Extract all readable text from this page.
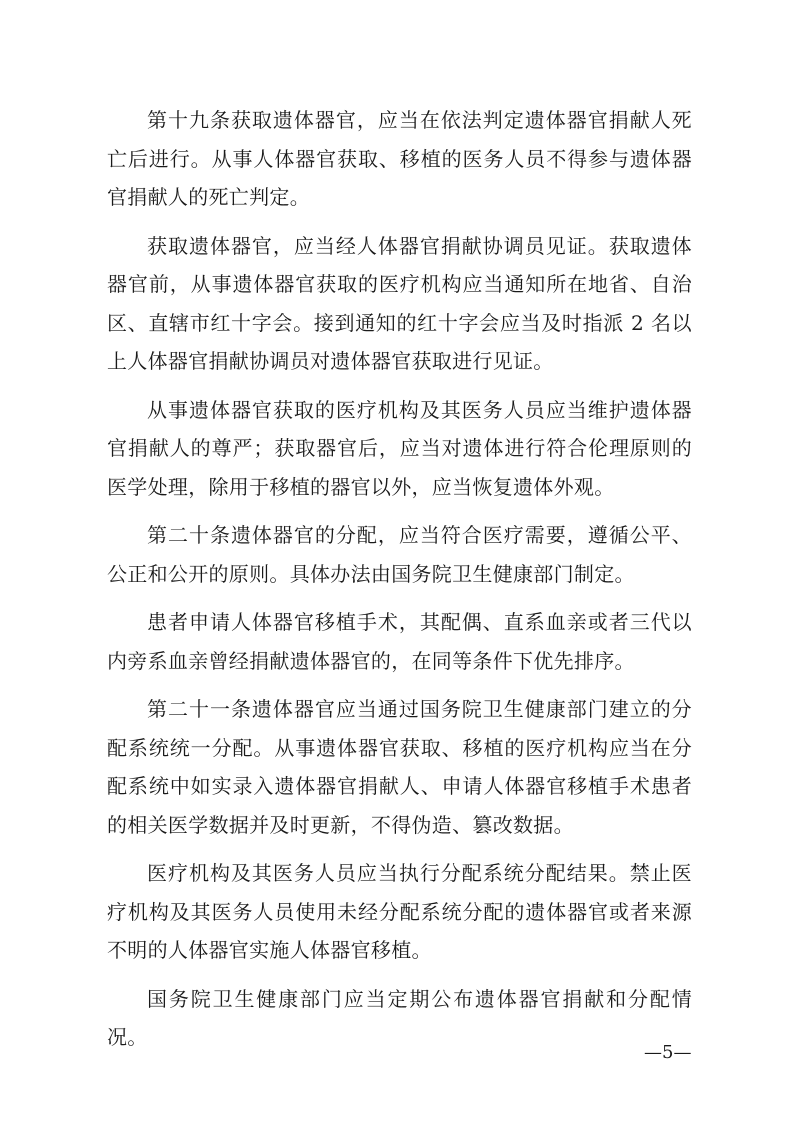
第十九条获取遗体器官，应当在依法判定遗体器官捐献人死亡后进行。从事人体器官获取、移植的医务人员不得参与遗体器官捐献人的死亡判定。

获取遗体器官，应当经人体器官捐献协调员见证。获取遗体器官前，从事遗体器官获取的医疗机构应当通知所在地省、自治区、直辖市红十字会。接到通知的红十字会应当及时指派 2 名以上人体器官捐献协调员对遗体器官获取进行见证。

从事遗体器官获取的医疗机构及其医务人员应当维护遗体器官捐献人的尊严；获取器官后，应当对遗体进行符合伦理原则的医学处理，除用于移植的器官以外，应当恢复遗体外观。

第二十条遗体器官的分配，应当符合医疗需要，遵循公平、公正和公开的原则。具体办法由国务院卫生健康部门制定。

患者申请人体器官移植手术，其配偶、直系血亲或者三代以内旁系血亲曾经捐献遗体器官的，在同等条件下优先排序。

第二十一条遗体器官应当通过国务院卫生健康部门建立的分配系统统一分配。从事遗体器官获取、移植的医疗机构应当在分配系统中如实录入遗体器官捐献人、申请人体器官移植手术患者的相关医学数据并及时更新，不得伪造、篡改数据。

医疗机构及其医务人员应当执行分配系统分配结果。禁止医疗机构及其医务人员使用未经分配系统分配的遗体器官或者来源不明的人体器官实施人体器官移植。

国务院卫生健康部门应当定期公布遗体器官捐献和分配情况。

—5—
